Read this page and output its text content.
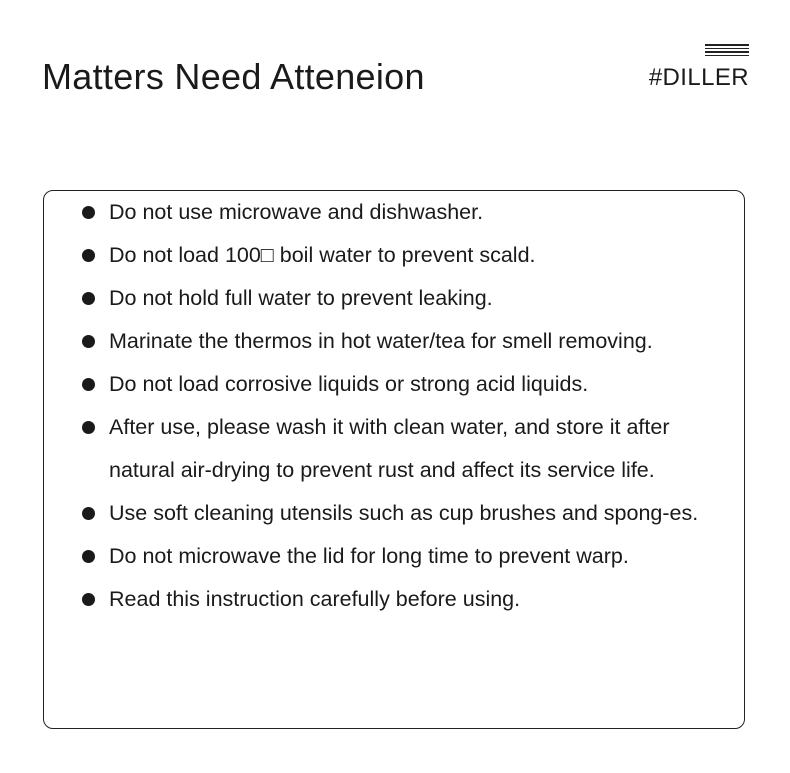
Matters Need Atteneion	#DILLER
Do not use microwave and dishwasher.
Do not load 100□ boil water to prevent scald.
Do not hold full water to prevent leaking.
Marinate the thermos in hot water/tea for smell removing.
Do not load corrosive liquids or strong acid liquids.
After use, please wash it with clean water, and store it after natural air-drying to prevent rust and affect its service life.
Use soft cleaning utensils such as cup brushes and spong-es.
Do not microwave the lid for long time to prevent warp.
Read this instruction carefully before using.
